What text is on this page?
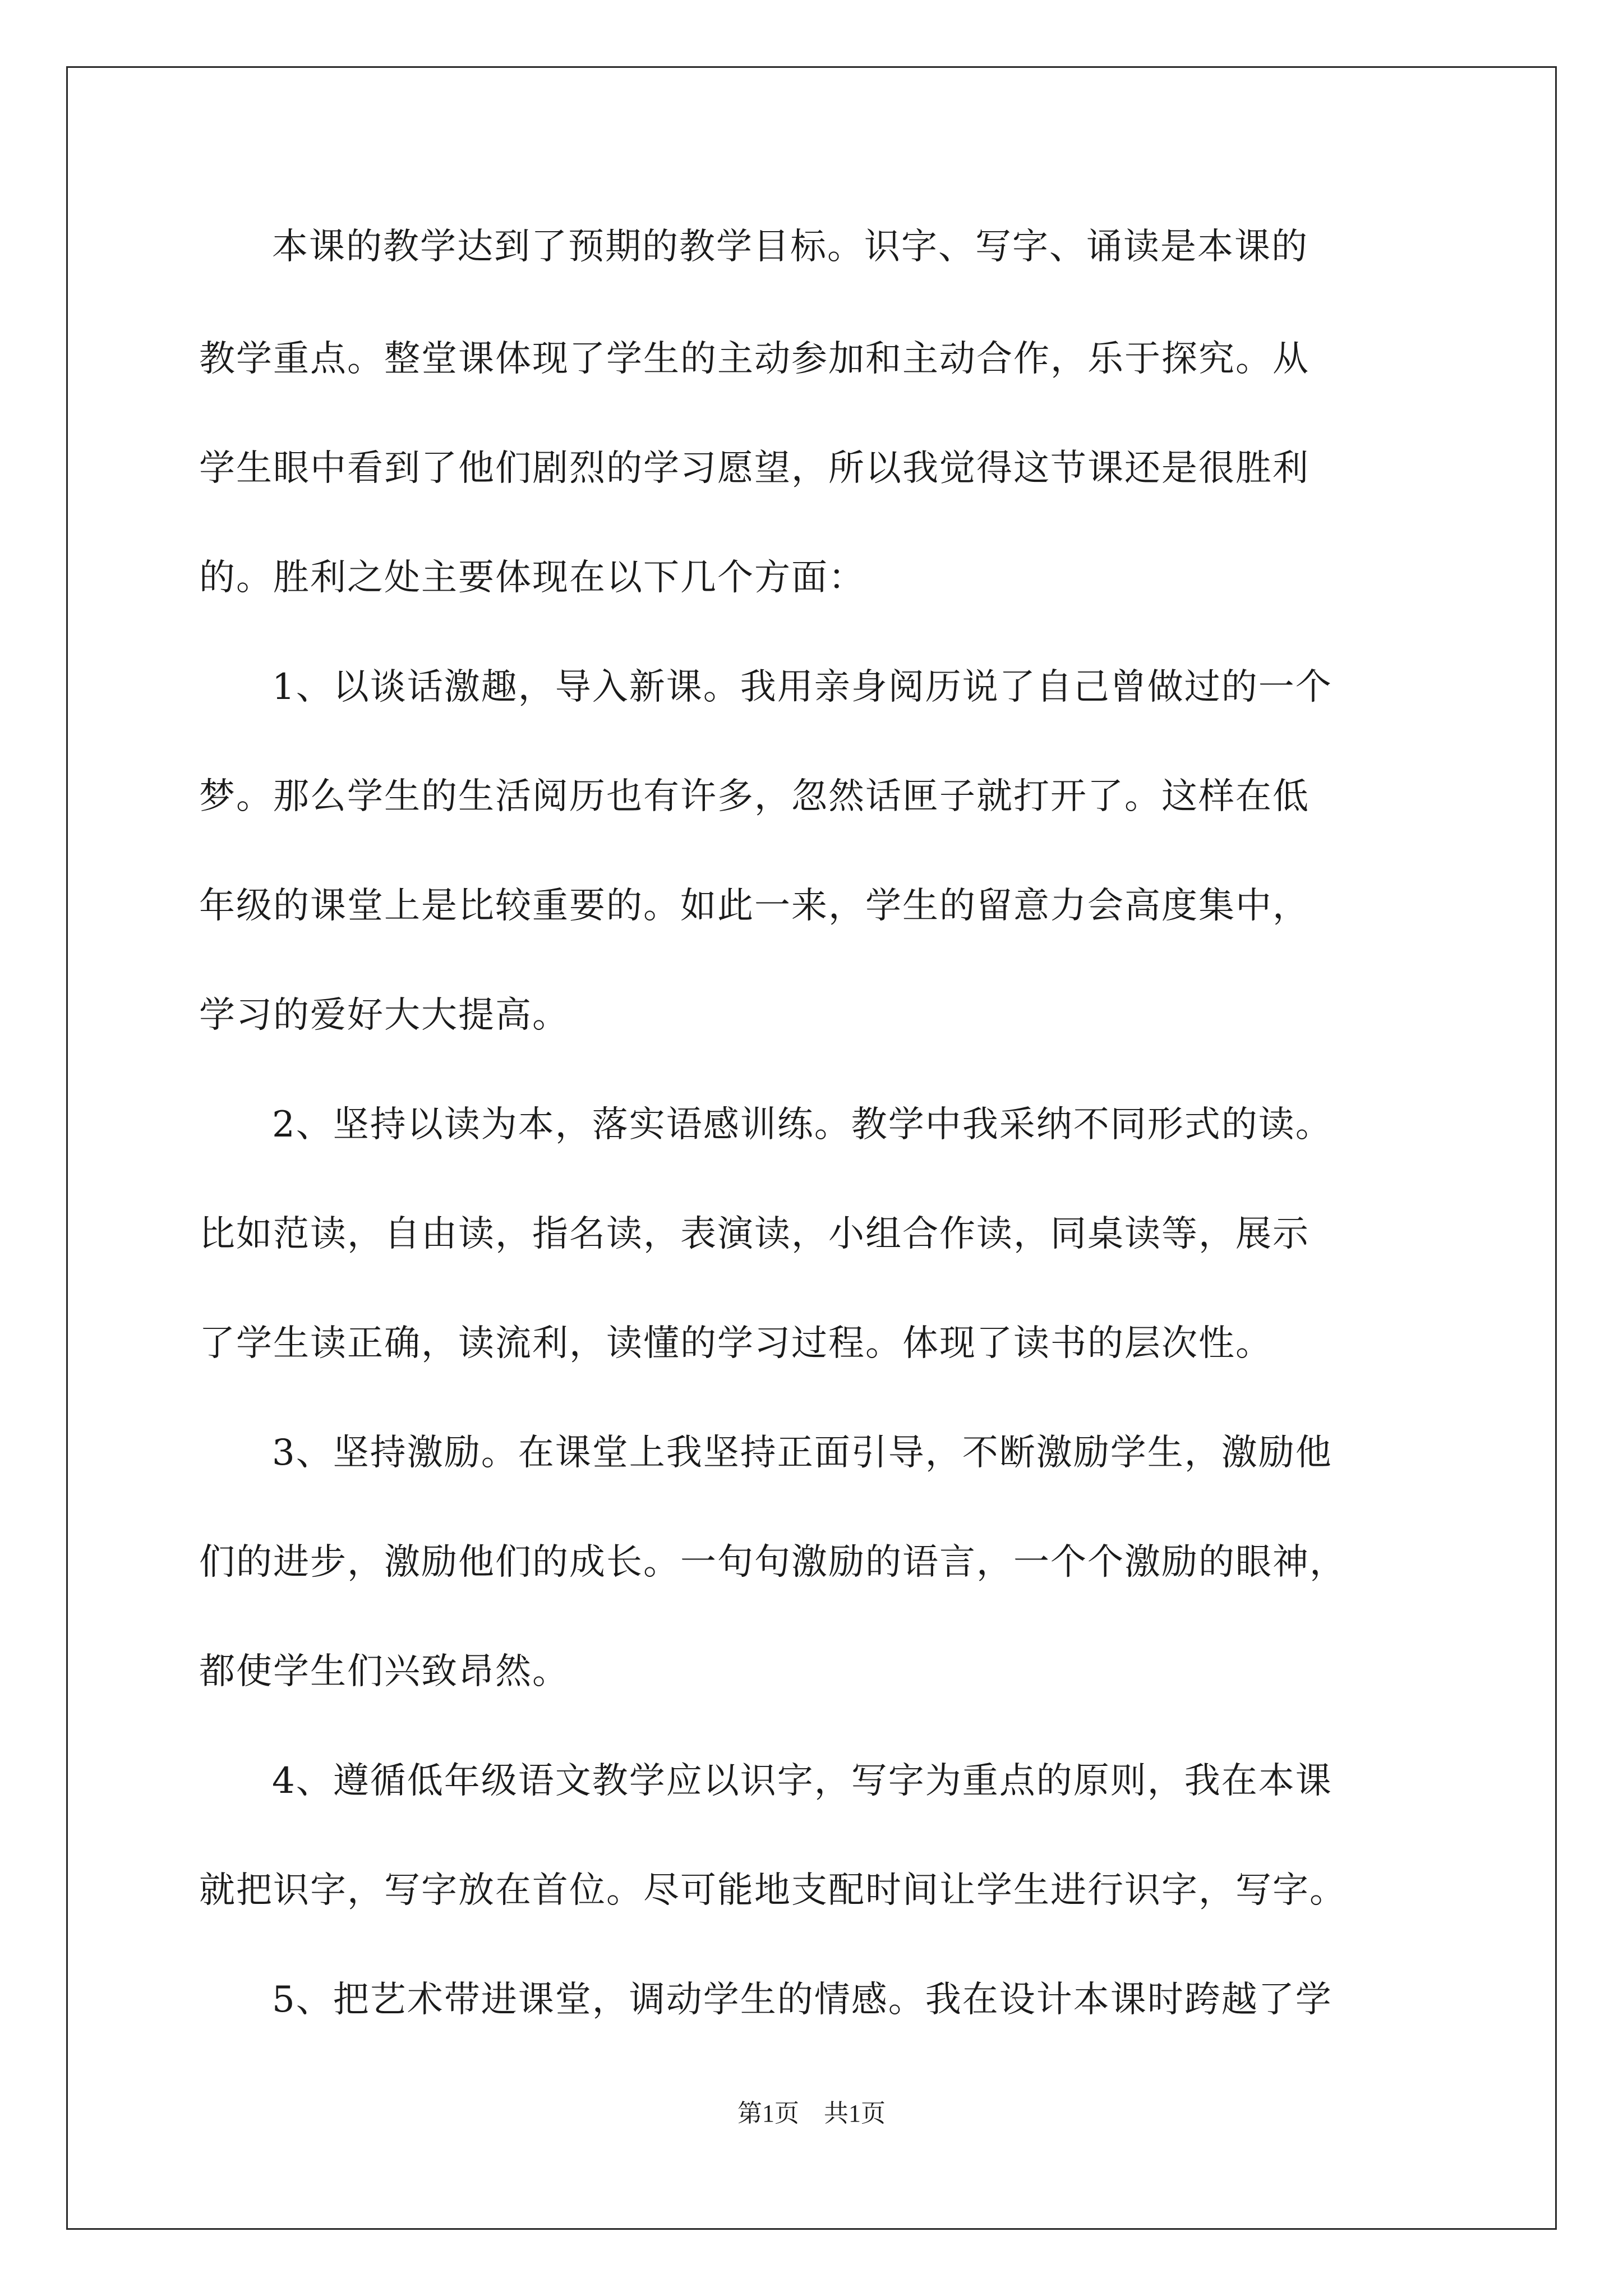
本课的教学达到了预期的教学目标。识字、写字、诵读是本课的
教学重点。整堂课体现了学生的主动参加和主动合作，乐于探究。从
学生眼中看到了他们剧烈的学习愿望，所以我觉得这节课还是很胜利
的。胜利之处主要体现在以下几个方面：
1、以谈话激趣，导入新课。我用亲身阅历说了自己曾做过的一个
梦。那么学生的生活阅历也有许多，忽然话匣子就打开了。这样在低
年级的课堂上是比较重要的。如此一来，学生的留意力会高度集中，
学习的爱好大大提高。
2、坚持以读为本，落实语感训练。教学中我采纳不同形式的读。
比如范读，自由读，指名读，表演读，小组合作读，同桌读等，展示
了学生读正确，读流利，读懂的学习过程。体现了读书的层次性。
3、坚持激励。在课堂上我坚持正面引导，不断激励学生，激励他
们的进步，激励他们的成长。一句句激励的语言，一个个激励的眼神，
都使学生们兴致昂然。
4、遵循低年级语文教学应以识字，写字为重点的原则，我在本课
就把识字，写字放在首位。尽可能地支配时间让学生进行识字，写字。
5、把艺术带进课堂，调动学生的情感。我在设计本课时跨越了学
第1页 共1页
